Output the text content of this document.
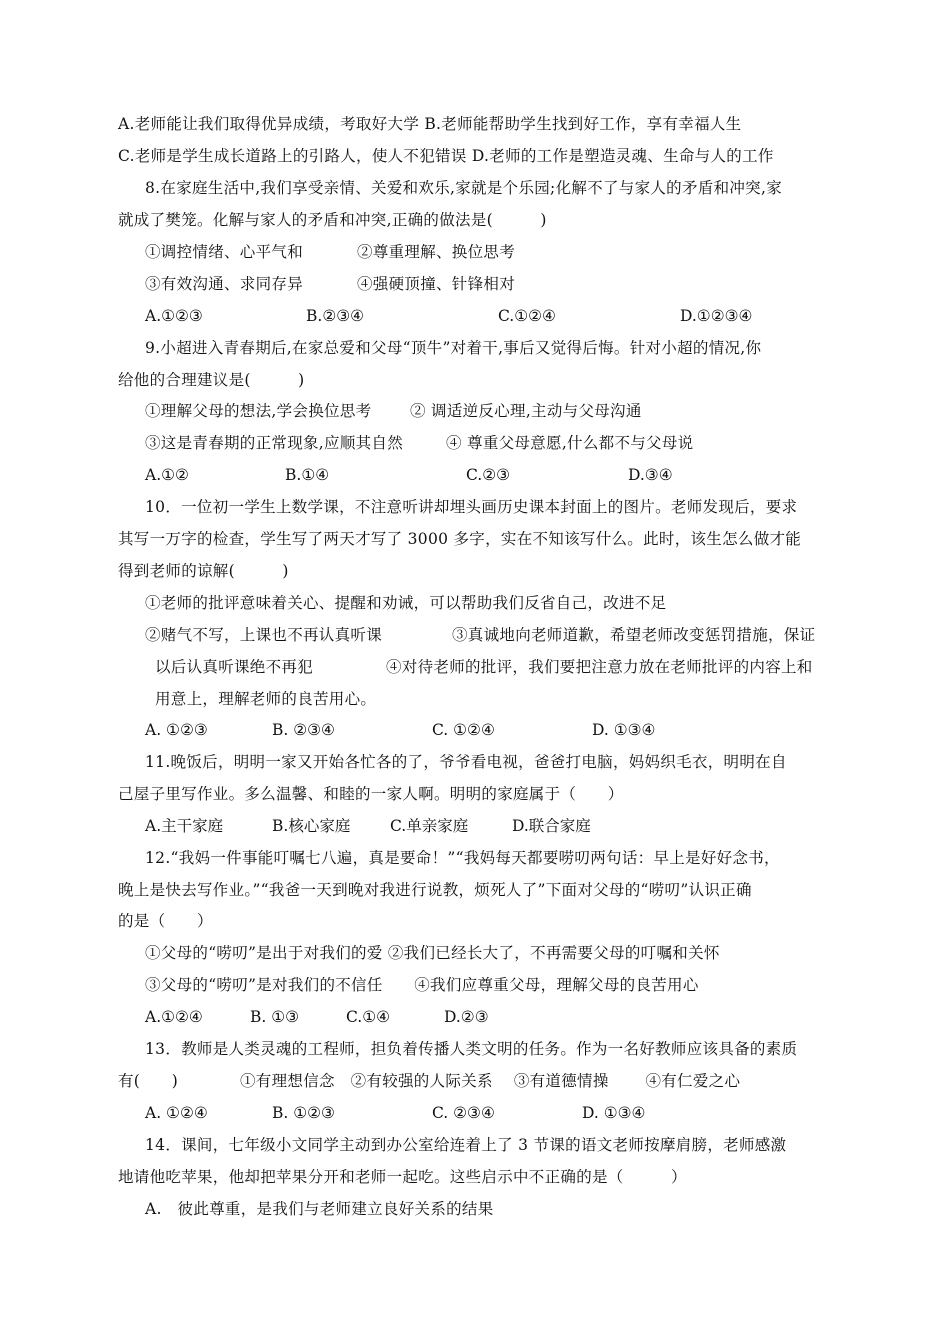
A.老师能让我们取得优异成绩，考取好大学 B.老师能帮助学生找到好工作，享有幸福人生
C.老师是学生成长道路上的引路人，使人不犯错误 D.老师的工作是塑造灵魂、生命与人的工作
8.在家庭生活中,我们享受亲情、关爱和欢乐,家就是个乐园;化解不了与家人的矛盾和冲突,家
就成了樊笼。化解与家人的矛盾和冲突,正确的做法是(　　　)
①调控情绪、心平气和	②尊重理解、换位思考
③有效沟通、求同存异	④强硬顶撞、针锋相对
A.①②③	B.②③④	C.①②④	D.①②③④
9.小超进入青春期后,在家总爱和父母“顶牛”对着干,事后又觉得后悔。针对小超的情况,你
给他的合理建议是(　　　)
①理解父母的想法,学会换位思考 ② 调适逆反心理,主动与父母沟通
③这是青春期的正常现象,应顺其自然	④ 尊重父母意愿,什么都不与父母说
A.①②	B.①④	C.②③	D.③④
10．一位初一学生上数学课，不注意听讲却埋头画历史课本封面上的图片。老师发现后，要求
其写一万字的检查，学生写了两天才写了 3000 多字，实在不知该写什么。此时，该生怎么做才能
得到老师的谅解(　　　)
①老师的批评意味着关心、提醒和劝诫，可以帮助我们反省自己，改进不足
②赌气不写，上课也不再认真听课	③真诚地向老师道歉，希望老师改变惩罚措施，保证
以后认真听课绝不再犯	④对待老师的批评，我们要把注意力放在老师批评的内容上和
用意上，理解老师的良苦用心。
A. ①②③	B. ②③④	C. ①②④	D. ①③④
11.晚饭后，明明一家又开始各忙各的了，爷爷看电视，爸爸打电脑，妈妈织毛衣，明明在自
己屋子里写作业。多么温馨、和睦的一家人啊。明明的家庭属于（　　）
A.主干家庭	B.核心家庭	C.单亲家庭	D.联合家庭
12.“我妈一件事能叮嘱七八遍，真是要命！”“我妈每天都要唠叨两句话：早上是好好念书，
晚上是快去写作业。”“我爸一天到晚对我进行说教，烦死人了”下面对父母的“唠叨”认识正确
的是（　　）
①父母的“唠叨”是出于对我们的爱 ②我们已经长大了，不再需要父母的叮嘱和关怀
③父母的“唠叨”是对我们的不信任　　④我们应尊重父母，理解父母的良苦用心
A.①②④	B. ①③	C.①④	D.②③
13．教师是人类灵魂的工程师，担负着传播人类文明的任务。作为一名好教师应该具备的素质
有(　　)	①有理想信念　②有较强的人际关系　 ③有道德情操　　 ④有仁爱之心
A. ①②④	B. ①②③	C. ②③④	D. ①③④
14．课间，七年级小文同学主动到办公室给连着上了 3 节课的语文老师按摩肩膀，老师感激
地请他吃苹果，他却把苹果分开和老师一起吃。这些启示中不正确的是（　　　）
A.　彼此尊重，是我们与老师建立良好关系的结果
